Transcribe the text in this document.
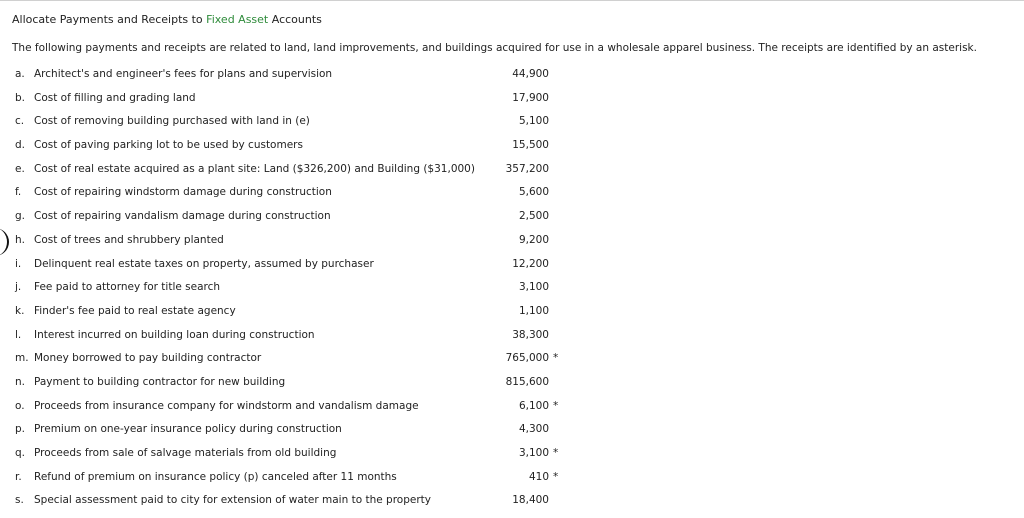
Allocate Payments and Receipts to Fixed Asset Accounts
The following payments and receipts are related to land, land improvements, and buildings acquired for use in a wholesale apparel business. The receipts are identified by an asterisk.
a. Architect's and engineer's fees for plans and supervision	44,900
b. Cost of filling and grading land	17,900
c. Cost of removing building purchased with land in (e)	5,100
d. Cost of paving parking lot to be used by customers	15,500
e. Cost of real estate acquired as a plant site: Land ($326,200) and Building ($31,000)	357,200
f.	Cost of repairing windstorm damage during construction	5,600
g. Cost of repairing vandalism damage during construction	2,500
h. Cost of trees and shrubbery planted	9,200
i.	Delinquent real estate taxes on property, assumed by purchaser	12,200
j.	Fee paid to attorney for title search	3,100
k. Finder's fee paid to real estate agency	1,100
l.	Interest incurred on building loan during construction	38,300
m. Money borrowed to pay building contractor	765,000 *
n. Payment to building contractor for new building	815,600
o. Proceeds from insurance company for windstorm and vandalism damage	6,100 *
p. Premium on one-year insurance policy during construction	4,300
q. Proceeds from sale of salvage materials from old building	3,100 *
r.	Refund of premium on insurance policy (p) canceled after 11 months	410 *
s. Special assessment paid to city for extension of water main to the property	18,400
